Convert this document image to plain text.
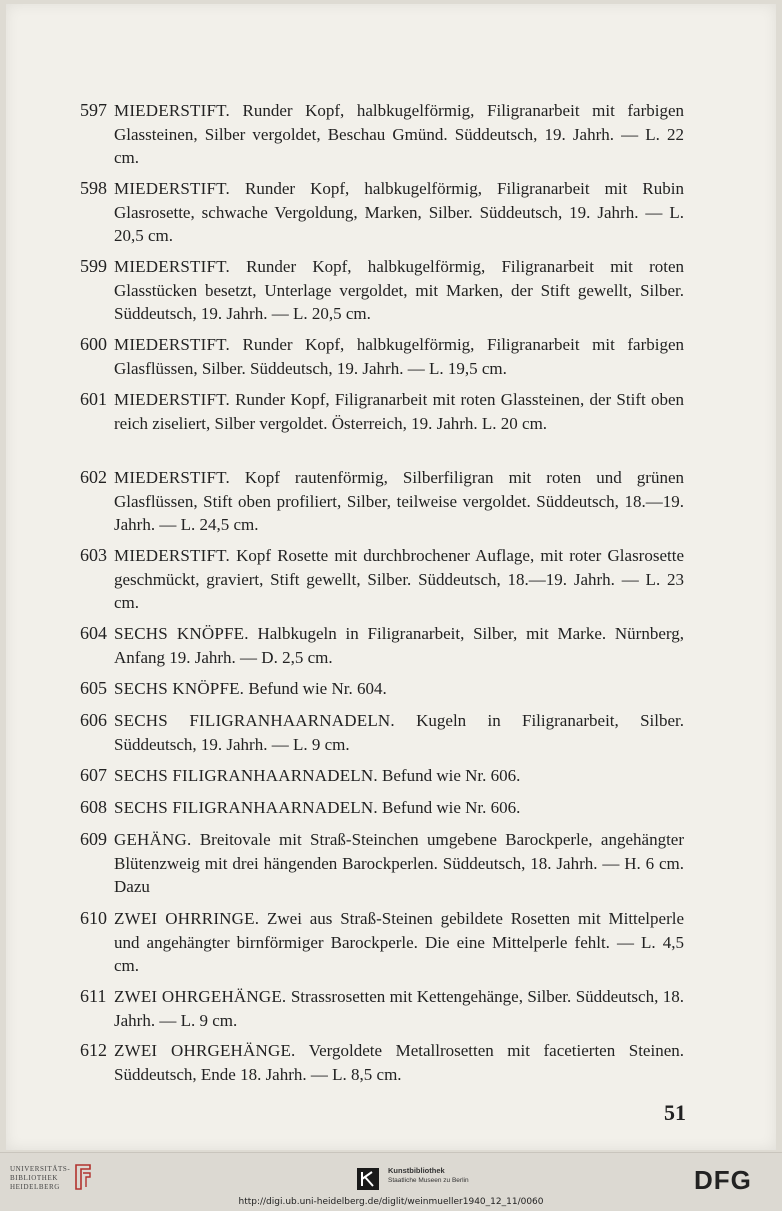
597 MIEDERSTIFT. Runder Kopf, halbkugelförmig, Filigranarbeit mit farbigen Glassteinen, Silber vergoldet, Beschau Gmünd. Süddeutsch, 19. Jahrh. — L. 22 cm.
598 MIEDERSTIFT. Runder Kopf, halbkugelförmig, Filigranarbeit mit Rubin Glasrosette, schwache Vergoldung, Marken, Silber. Süddeutsch, 19. Jahrh. — L. 20,5 cm.
599 MIEDERSTIFT. Runder Kopf, halbkugelförmig, Filigranarbeit mit roten Glasstücken besetzt, Unterlage vergoldet, mit Marken, der Stift gewellt, Silber. Süddeutsch, 19. Jahrh. — L. 20,5 cm.
600 MIEDERSTIFT. Runder Kopf, halbkugelförmig, Filigranarbeit mit farbigen Glasflüssen, Silber. Süddeutsch, 19. Jahrh. — L. 19,5 cm.
601 MIEDERSTIFT. Runder Kopf, Filigranarbeit mit roten Glassteinen, der Stift oben reich ziseliert, Silber vergoldet. Österreich, 19. Jahrh. L. 20 cm.
602 MIEDERSTIFT. Kopf rautenförmig, Silberfiligran mit roten und grünen Glasflüssen, Stift oben profiliert, Silber, teilweise vergoldet. Süddeutsch, 18.—19. Jahrh. — L. 24,5 cm.
603 MIEDERSTIFT. Kopf Rosette mit durchbrochener Auflage, mit roter Glasrosette geschmückt, graviert, Stift gewellt, Silber. Süddeutsch, 18.—19. Jahrh. — L. 23 cm.
604 SECHS KNÖPFE. Halbkugeln in Filigranarbeit, Silber, mit Marke. Nürnberg, Anfang 19. Jahrh. — D. 2,5 cm.
605 SECHS KNÖPFE. Befund wie Nr. 604.
606 SECHS FILIGRANHAARNADELN. Kugeln in Filigranarbeit, Silber. Süddeutsch, 19. Jahrh. — L. 9 cm.
607 SECHS FILIGRANHAARNADELN. Befund wie Nr. 606.
608 SECHS FILIGRANHAARNADELN. Befund wie Nr. 606.
609 GEHÄNG. Breitovale mit Straß-Steinchen umgebene Barockperle, angehängter Blütenzweig mit drei hängenden Barockperlen. Süddeutsch, 18. Jahrh. — H. 6 cm. Dazu
610 ZWEI OHRRINGE. Zwei aus Straß-Steinen gebildete Rosetten mit Mittelperle und angehängter birnförmiger Barockperle. Die eine Mittelperle fehlt. — L. 4,5 cm.
611 ZWEI OHRGEHÄNGE. Strassrosetten mit Kettengehänge, Silber. Süddeutsch, 18. Jahrh. — L. 9 cm.
612 ZWEI OHRGEHÄNGE. Vergoldete Metallrosetten mit facetierten Steinen. Süddeutsch, Ende 18. Jahrh. — L. 8,5 cm.
51
UNIVERSITÄTS-
BIBLIOTHEK
HEIDELBERG
Kunstbibliothek
Staatliche Museen zu Berlin	DFG
http://digi.ub.uni-heidelberg.de/diglit/weinmueller1940_12_11/0060
